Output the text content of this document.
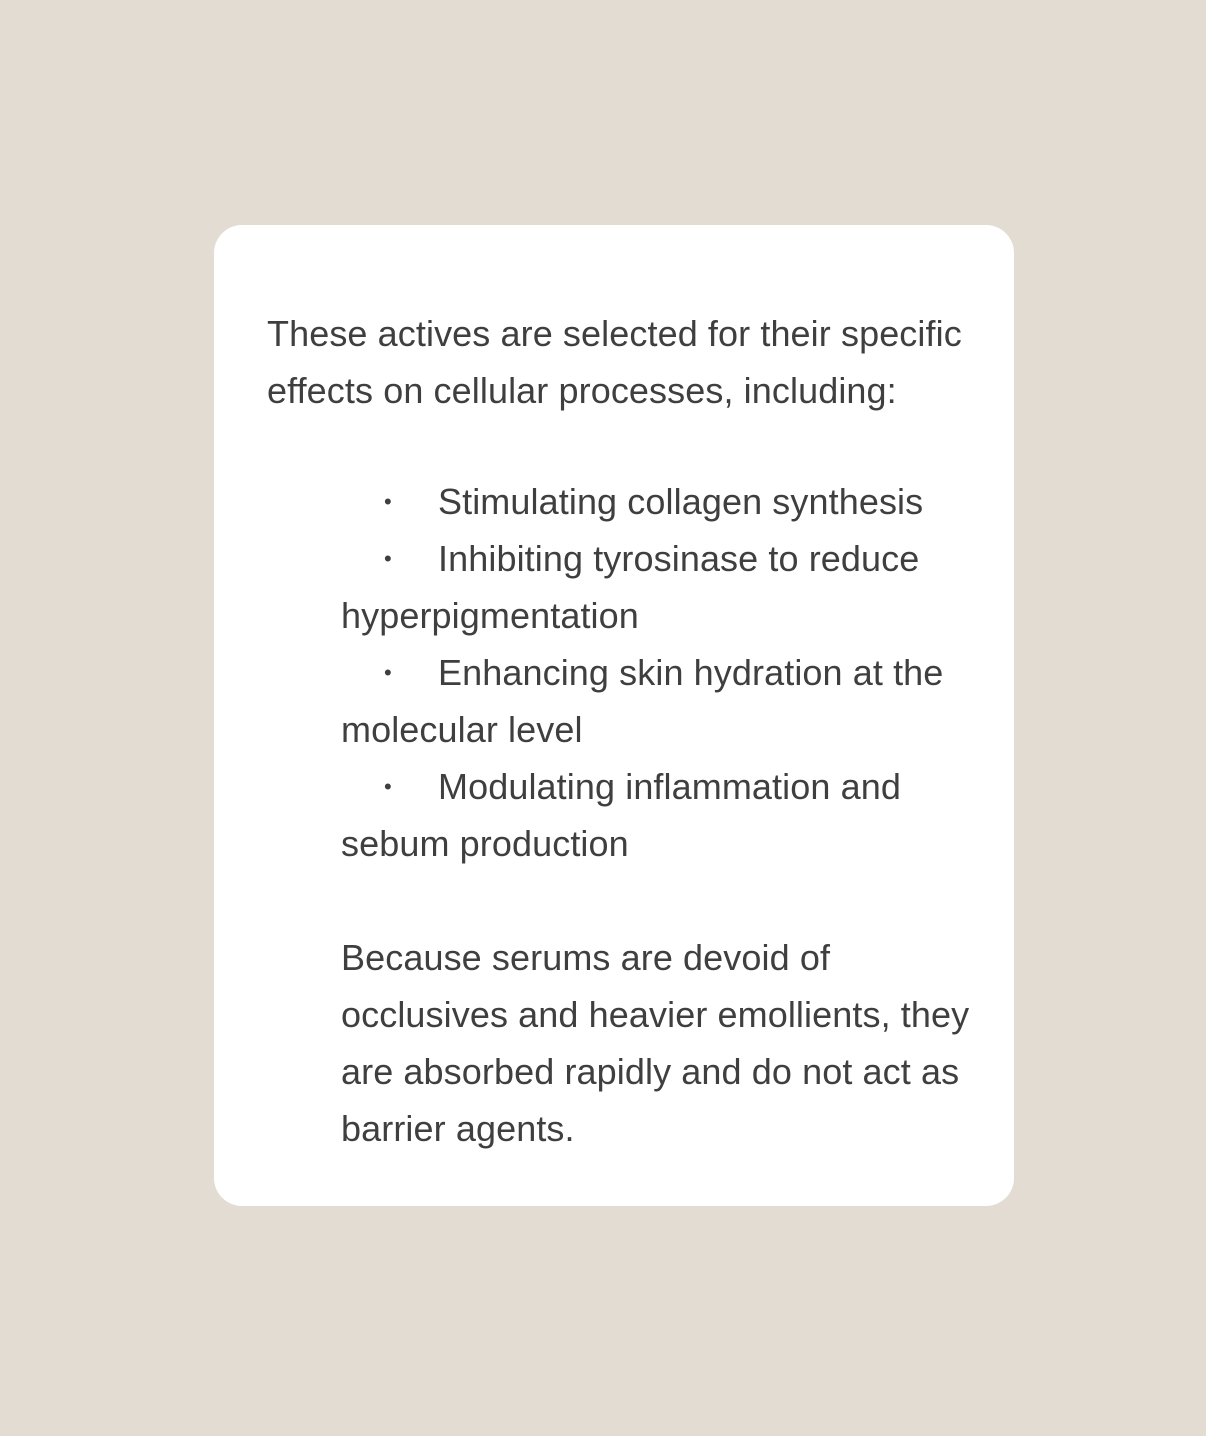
These actives are selected for their specific effects on cellular processes, including:
• Stimulating collagen synthesis
• Inhibiting tyrosinase to reduce hyperpigmentation
• Enhancing skin hydration at the molecular level
• Modulating inflammation and sebum production
Because serums are devoid of occlusives and heavier emollients, they are absorbed rapidly and do not act as barrier agents.
